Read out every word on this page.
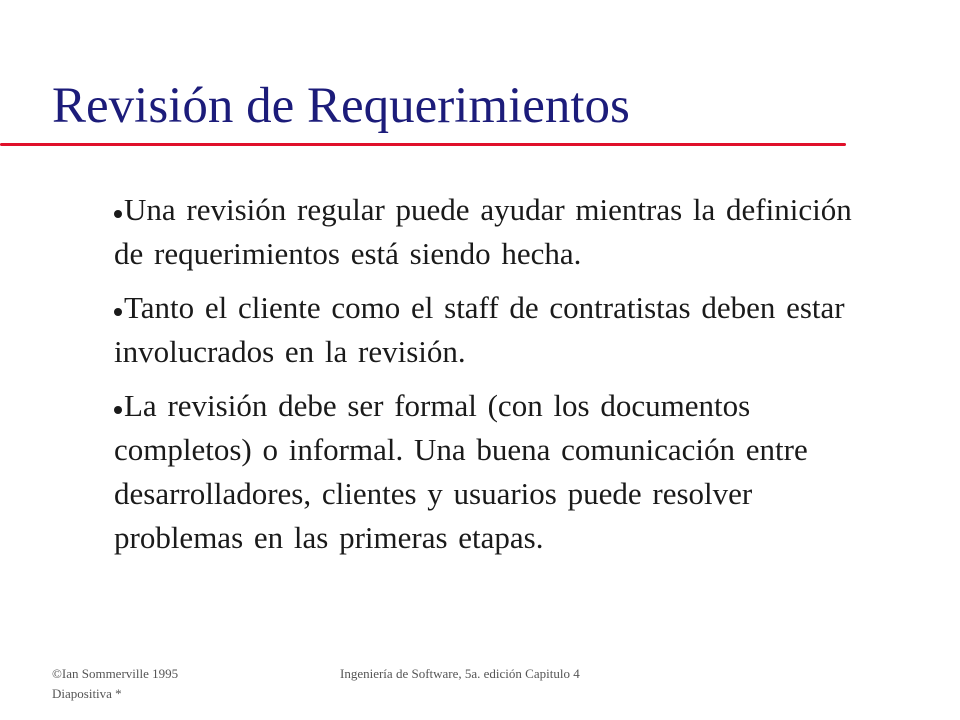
Revisión de Requerimientos
Una revisión regular puede ayudar mientras la definición de requerimientos está siendo hecha.
Tanto el cliente como el staff de contratistas deben estar involucrados en la revisión.
La revisión debe ser formal (con los documentos completos) o informal. Una buena comunicación entre desarrolladores, clientes y usuarios puede resolver problemas en las primeras etapas.
©Ian Sommerville 1995
Diapositiva *
Ingeniería de Software, 5a. edición Capitulo 4
